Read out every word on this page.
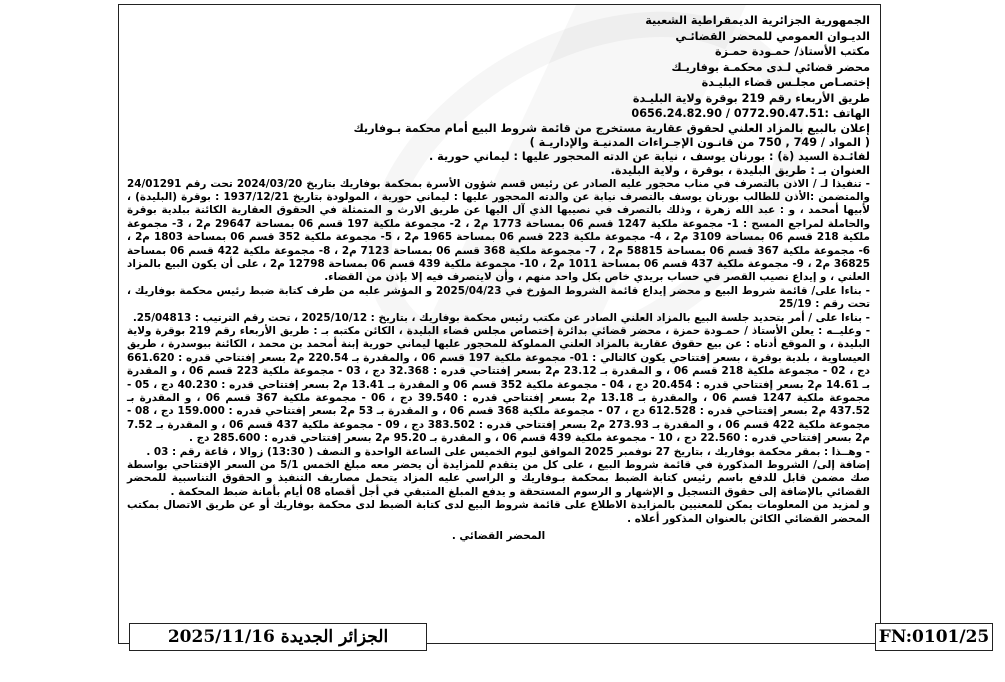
الجمهورية الجزائرية الديمقراطية الشعبية
الديـوان العمومي للمحضر القضائـي
مكتب الأستاذ/ حمـودة حمـزة
محضر قضائي لـدى محكمـة بوفاريـك
إختصـاص مجلـس قضاء البليـدة
طريق الأربعاء رقم 219 بوقرة ولاية البليـدة
الهاتف :0772.90.47.51 / 0656.24.82.90
إعلان بالبيع بالمزاد العلني لحقوق عقارية مستخرج من قائمة شروط البيع أمام محكمة بـوفاريك
( المواد / 749 , 750 من قانـون الإجـراءات المدنيـة والإداريـة )
لفائـدة السيد (ة) : بورنان يوسف ، نيابة عن الدته المحجور عليها : ليماني حورية .
العنوان بـ : طريق البليدة ، بوقرة ، ولاية البليدة.
- تنفيذا لـ / الاذن بالتصرف في مناب محجور عليه الصادر عن رئيس قسم شؤون الأسرة بمحكمة بوفاريك بتاريخ 2024/03/20 تحت رقم 24/01291 والمتضمن :الأذن للطالب بورنان يوسف بالتصرف نيابة عن والدته المحجور عليها : ليماني حورية ، المولودة بتاريخ 1937/12/21 : بوقرة (البليدة) ، لأبيها أمحمد ، و : عبد الله زهرة ، وذلك بالتصرف في نصيبها الذي آل اليها عن طريق الارث و المتمثلة في الحقوق العقارية الكائنة ببلدية بوقرة والحاملة لمراجع المسح : 1- مجموعة ملكية 1247 قسم 06 بمساحة 1773 م2 ، 2- مجموعة ملكية 197 قسم 06 بمساحة 29647 م2 ، 3- مجموعة ملكية 218 قسم 06 بمساحة 3109 م2 ، 4- مجموعة ملكية 223 قسم 06 بمساحة 1965 م2 ، 5- مجموعة ملكية 352 قسم 06 بمساحة 1803 م2 ، 6- مجموعة ملكية 367 قسم 06 بمساحة 58815 م2 ، 7- مجموعة ملكية 368 قسم 06 بمساحة 7123 م2 ، 8- مجموعة ملكية 422 قسم 06 بمساحة 36825 م2 ، 9- مجموعة ملكية 437 قسم 06 بمساحة 1011 م2 ، 10- مجموعة ملكية 439 قسم 06 بمساحة 12798 م2 ، على أن يكون البيع بالمزاد العلني ، و إيداع نصيب القصر في حساب بريدي خاص بكل واحد منهم ، وأن لايتصرف فيه إلا بإذن من القضاء.
- بناءا على/ قائمة شروط البيع و محضر إيداع قائمة الشروط المؤرخ في 2025/04/23 و المؤشر عليه من طرف كتابة ضبط رئيس محكمة بوفاريك ، تحت رقم : 25/19
- بناءا على / أمر بتحديد جلسة البيع بالمزاد العلني الصادر عن مكتب رئيس محكمة بوفاريك ، بتاريخ : 2025/10/12 ، تحت رقم الترتيب : 25/04813.
- وعليــه : يعلن الأستاذ / حمـودة حمزة ، محضر قضائي بدائرة إختصاص مجلس قضاء البليدة ، الكائن مكتبه بـ : طريق الأربعاء رقم 219 بوقرة ولاية البليدة ، و الموقع أدناه : عن بيع حقوق عقارية بالمزاد العلني المملوكة للمحجور عليها ليماني حورية إبنة أمحمد بن محمد ، الكائنة ببوسدرة ، طريق العيساوية ، بلدية بوقرة ، بسعر إفتتاحي يكون كالتالي : 01- مجموعة ملكية 197 قسم 06 ، والمقدرة بـ 220.54 م2 بسعر إفتتاحي قدره : 661.620 دج ، 02 - مجموعة ملكية 218 قسم 06 ، و المقدرة بـ 23.12 م2 بسعر إفتتاحي قدره : 32.368 دج ، 03 - مجموعة ملكية 223 قسم 06 ، و المقدرة بـ 14.61 م2 بسعر إفتتاحي قدره : 20.454 دج ، 04 - مجموعة ملكية 352 قسم 06 و المقدرة بـ 13.41 م2 بسعر إفتتاحي قدره : 40.230 دج ، 05 - مجموعة ملكية 1247 قسم 06 ، والمقدرة بـ 13.18 م2 بسعر إفتتاحي قدره : 39.540 دج ، 06 - مجموعة ملكية 367 قسم 06 ، و المقدرة بـ 437.52 م2 بسعر إفتتاحي قدره : 612.528 دج ، 07 - مجموعة ملكية 368 قسم 06 ، و المقدرة بـ 53 م2 بسعر إفتتاحي قدره : 159.000 دج ، 08 - مجموعة ملكية 422 قسم 06 ، و المقدرة بـ 273.93 م2 بسعر إفتتاحي قدره : 383.502 دج ، 09 - مجموعة ملكية 437 قسم 06 ، و المقدرة بـ 7.52 م2 بسعر إفتتاحي قدره : 22.560 دج ، 10 - مجموعة ملكية 439 قسم 06 ، و المقدرة بـ 95.20 م2 بسعر إفتتاحي قدره : 285.600 دج .
- وهــذا : بمقر محكمة بوفاريك ، بتاريخ 27 نوفمبر 2025 الموافق ليوم الخميس على الساعة الواحدة و النصف ( 13:30) زوالا ، قاعة رقم : 03 .
إضافة إلى/ الشروط المذكورة في قائمة شروط البيع ، على كل من يتقدم للمزايدة أن يحضر معه مبلغ الخمس 5/1 من السعر الإفتتاحي بواسطة صك مضمن قابل للدفع باسم رئيس كتابة الضبط بمحكمة بـوفاريك و الراسي عليه المزاد يتحمل مصاريف التنفيذ و الحقوق التناسبية للمحضر القضائي بالإضافة إلى حقوق التسجيل و الإشهار و الرسوم المستحقة و يدفع المبلغ المتبقي في أجل أقصاه 08 أيام بأمانة ضبط المحكمة .
و لمزيد من المعلومات يمكن للمعنيين بالمزايدة الاطلاع على قائمة شروط البيع لدى كتابة الضبط لدى محكمة بوفاريك أو عن طريق الاتصال بمكتب المحضر القضائي الكائن بالعنوان المذكور أعلاه .
المحضر القضائي .
الجزائر الجديدة 2025/11/16	FN:0101/25
